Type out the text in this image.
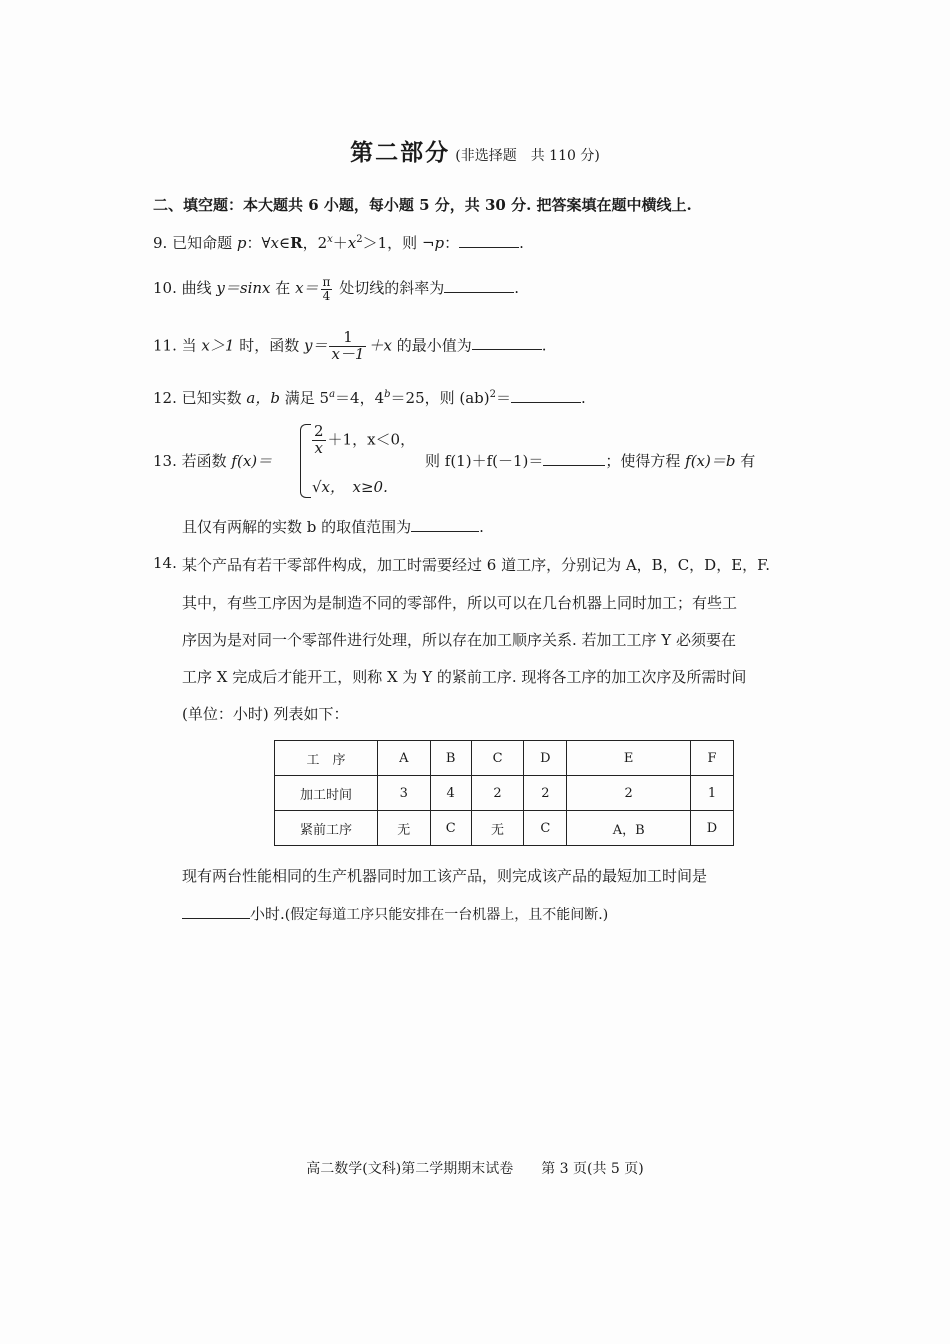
第二部分 (非选择题　共 110 分)
二、填空题：本大题共 6 小题，每小题 5 分，共 30 分. 把答案填在题中横线上.
9. 已知命题 p：∀x∈R，$2^x+x^2>1$，则 ¬p：	.
10. 曲线 y＝sinx 在 $x= \frac{\pi}{4}$ 处切线的斜率为	.
11. 当 x＞1 时，函数 $y= \frac{1}{x-1} +x$ 的最小值为	.
12. 已知实数 a，b 满足 $5^a=4$，$4^b=25$，则 (ab)$^2$＝	.
13. 若函数 f(x)＝
$\frac{2}{x} +1$，x＜0，
√x，　x≥0.
则 f(1)＋f(－1)＝	；使得方程 f(x)＝b 有
且仅有两解的实数 b 的取值范围为	.
14. 某个产品有若干零部件构成，加工时需要经过 6 道工序，分别记为 A，B，C，D，E，F.
其中，有些工序因为是制造不同的零部件，所以可以在几台机器上同时加工；有些工
序因为是对同一个零部件进行处理，所以存在加工顺序关系. 若加工工序 Y 必须要在
工序 X 完成后才能开工，则称 X 为 Y 的紧前工序. 现将各工序的加工次序及所需时间
(单位：小时) 列表如下：
工　序	A	B	C	D	E	F
加工时间	3	4	2	2	2	1
紧前工序	无	C	无	C	A，B	D
现有两台性能相同的生产机器同时加工该产品，则完成该产品的最短加工时间是
小时.(假定每道工序只能安排在一台机器上，且不能间断.)
高二数学(文科)第二学期期末试卷　　第 3 页(共 5 页)
